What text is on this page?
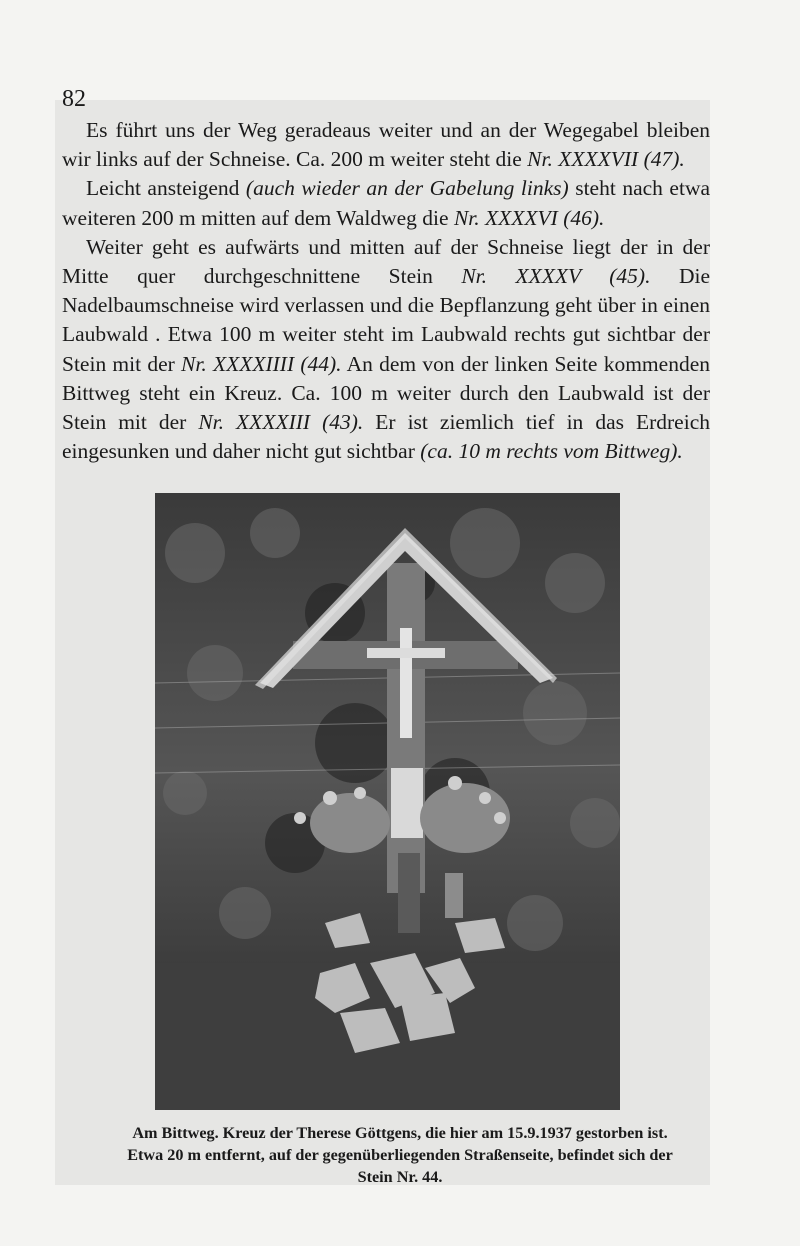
82

Es führt uns der Weg geradeaus weiter und an der Wegegabel bleiben wir links auf der Schneise. Ca. 200 m weiter steht die Nr. XXXXVII (47).

Leicht ansteigend (auch wieder an der Gabelung links) steht nach etwa weiteren 200 m mitten auf dem Waldweg die Nr. XXXXVI (46).

Weiter geht es aufwärts und mitten auf der Schneise liegt der in der Mitte quer durchgeschnittene Stein Nr. XXXXV (45). Die Nadelbaumschneise wird verlassen und die Bepflanzung geht über in einen Laubwald . Etwa 100 m weiter steht im Laubwald rechts gut sichtbar der Stein mit der Nr. XXXXIIII (44). An dem von der linken Seite kommenden Bittweg steht ein Kreuz. Ca. 100 m weiter durch den Laubwald ist der Stein mit der Nr. XXXXIII (43). Er ist ziemlich tief in das Erdreich eingesunken und daher nicht gut sichtbar (ca. 10 m rechts vom Bittweg).

Am Bittweg. Kreuz der Therese Göttgens, die hier am 15.9.1937 gestorben ist.
Etwa 20 m entfernt, auf der gegenüberliegenden Straßenseite, befindet sich der
Stein Nr. 44.
